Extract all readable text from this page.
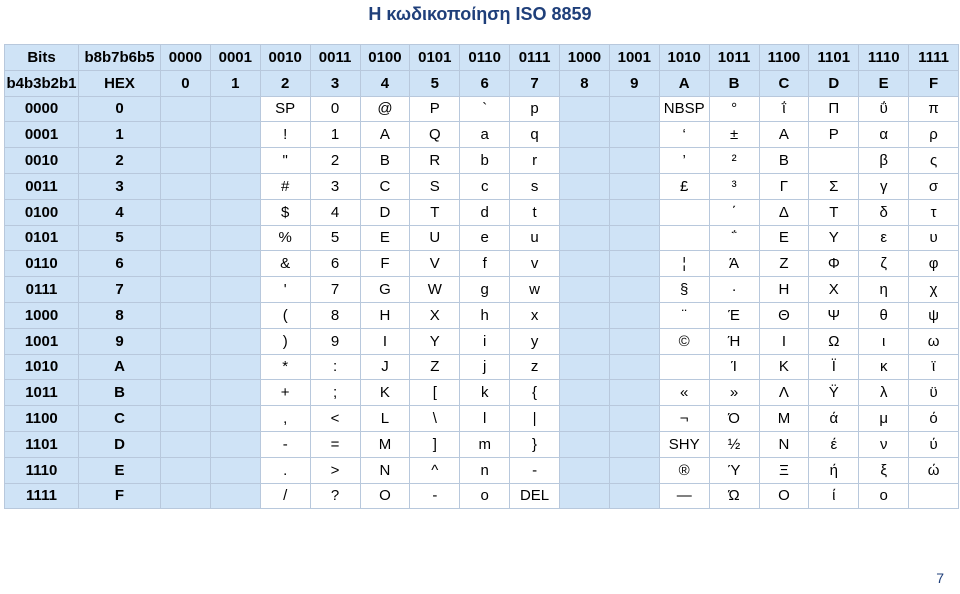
Η κωδικοποίηση ISO 8859
Bits	b8b7b6b5	0000	0001	0010	0011	0100	0101	0110	0111	1000	1001	1010	1011	1100	1101	1110	1111
b4b3b2b1	HEX	0	1	2	3	4	5	6	7	8	9	A	B	C	D	E	F
0000	0			SP	0	@	P	`	p			NBSP	°	ΐ	Π	ΰ	π
0001	1			!	1	A	Q	a	q			‘	±	Α	Ρ	α	ρ
0010	2			"	2	B	R	b	r			’	²	Β		β	ς
0011	3			#	3	C	S	c	s			£	³	Γ	Σ	γ	σ
0100	4			$	4	D	T	d	t				΄	Δ	Τ	δ	τ
0101	5			%	5	E	U	e	u				΅	Ε	Υ	ε	υ
0110	6			&	6	F	V	f	v			¦	Ά	Ζ	Φ	ζ	φ
0111	7			'	7	G	W	g	w			§	·	Η	Χ	η	χ
1000	8			(	8	H	X	h	x			¨	Έ	Θ	Ψ	θ	ψ
1001	9			)	9	I	Y	i	y			©	Ή	Ι	Ω	ι	ω
1010	A			*	:	J	Z	j	z				Ί	Κ	Ϊ	κ	ϊ
1011	B			+	;	K	[	k	{			«	»	Λ	Ϋ	λ	ϋ
1100	C			,	<	L	\	l	|			¬	Ό	Μ	ά	μ	ό
1101	D			-	=	M	]	m	}			SHY	½	Ν	έ	ν	ύ
1110	E			.	>	N	^	n	-			®	Ύ	Ξ	ή	ξ	ώ
1111	F			/	?	O	-	o	DEL			―	Ώ	Ο	ί	ο	
7
